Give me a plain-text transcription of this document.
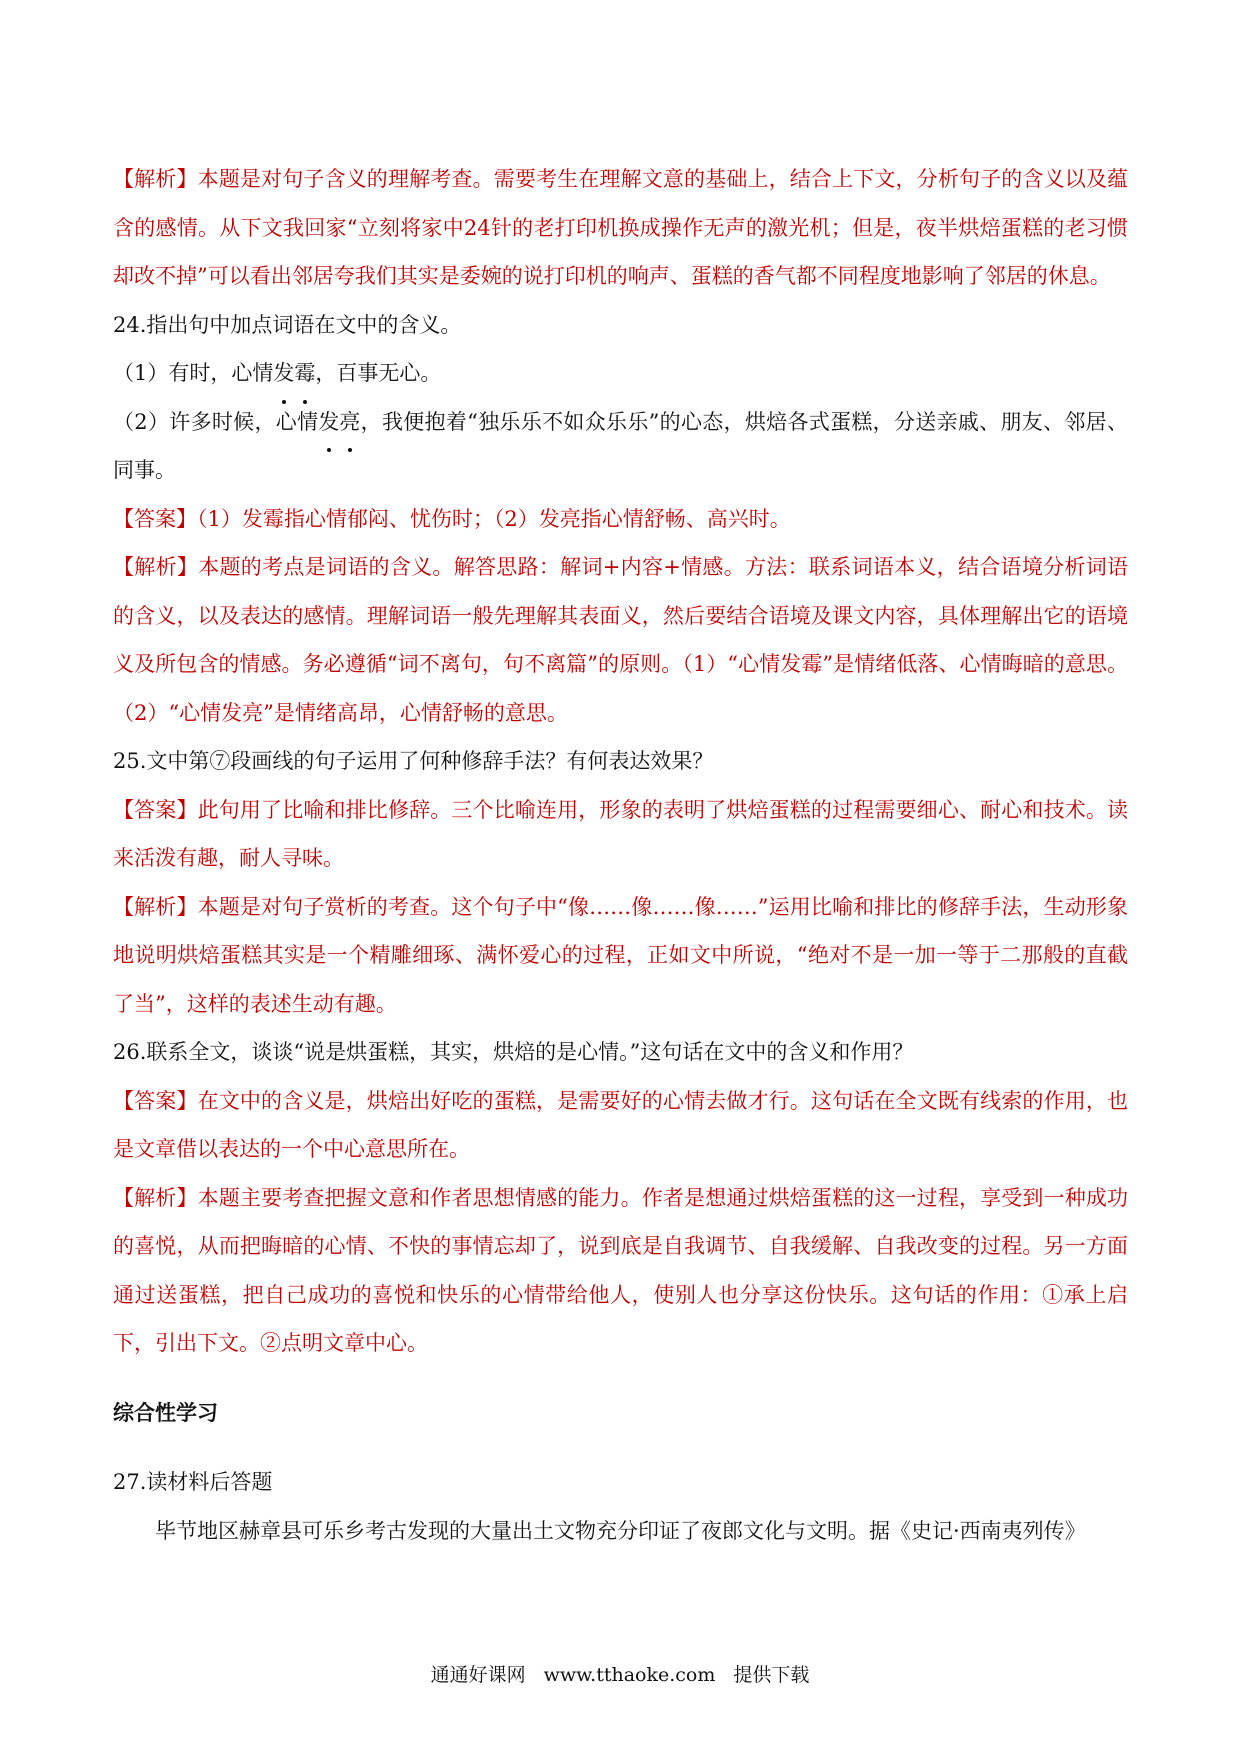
【解析】本题是对句子含义的理解考查。需要考生在理解文意的基础上，结合上下文，分析句子的含义以及蕴含的感情。从下文我回家“立刻将家中24针的老打印机换成操作无声的激光机；但是，夜半烘焙蛋糕的老习惯却改不掉”可以看出邻居夸我们其实是委婉的说打印机的响声、蛋糕的香气都不同程度地影响了邻居的休息。

24.指出句中加点词语在文中的含义。

（1）有时，心情发霉，百事无心。

（2）许多时候，心情发亮，我便抱着“独乐乐不如众乐乐”的心态，烘焙各式蛋糕，分送亲戚、朋友、邻居、同事。

【答案】（1）发霉指心情郁闷、忧伤时；（2）发亮指心情舒畅、高兴时。

【解析】本题的考点是词语的含义。解答思路：解词+内容+情感。方法：联系词语本义，结合语境分析词语的含义，以及表达的感情。理解词语一般先理解其表面义，然后要结合语境及课文内容，具体理解出它的语境义及所包含的情感。务必遵循“词不离句，句不离篇”的原则。（1）“心情发霉”是情绪低落、心情晦暗的意思。（2）“心情发亮”是情绪高昂，心情舒畅的意思。

25.文中第⑦段画线的句子运用了何种修辞手法？有何表达效果？

【答案】此句用了比喻和排比修辞。三个比喻连用，形象的表明了烘焙蛋糕的过程需要细心、耐心和技术。读来活泼有趣，耐人寻味。

【解析】本题是对句子赏析的考查。这个句子中“像……像……像……”运用比喻和排比的修辞手法，生动形象地说明烘焙蛋糕其实是一个精雕细琢、满怀爱心的过程，正如文中所说，“绝对不是一加一等于二那般的直截了当”，这样的表述生动有趣。

26.联系全文，谈谈“说是烘蛋糕，其实，烘焙的是心情。”这句话在文中的含义和作用？

【答案】在文中的含义是，烘焙出好吃的蛋糕，是需要好的心情去做才行。这句话在全文既有线索的作用，也是文章借以表达的一个中心意思所在。

【解析】本题主要考查把握文意和作者思想情感的能力。作者是想通过烘焙蛋糕的这一过程，享受到一种成功的喜悦，从而把晦暗的心情、不快的事情忘却了，说到底是自我调节、自我缓解、自我改变的过程。另一方面通过送蛋糕，把自己成功的喜悦和快乐的心情带给他人，使别人也分享这份快乐。这句话的作用：①承上启下，引出下文。②点明文章中心。

综合性学习

27.读材料后答题

毕节地区赫章县可乐乡考古发现的大量出土文物充分印证了夜郎文化与文明。据《史记·西南夷列传》

通通好课网 www.tthaoke.com 提供下载
